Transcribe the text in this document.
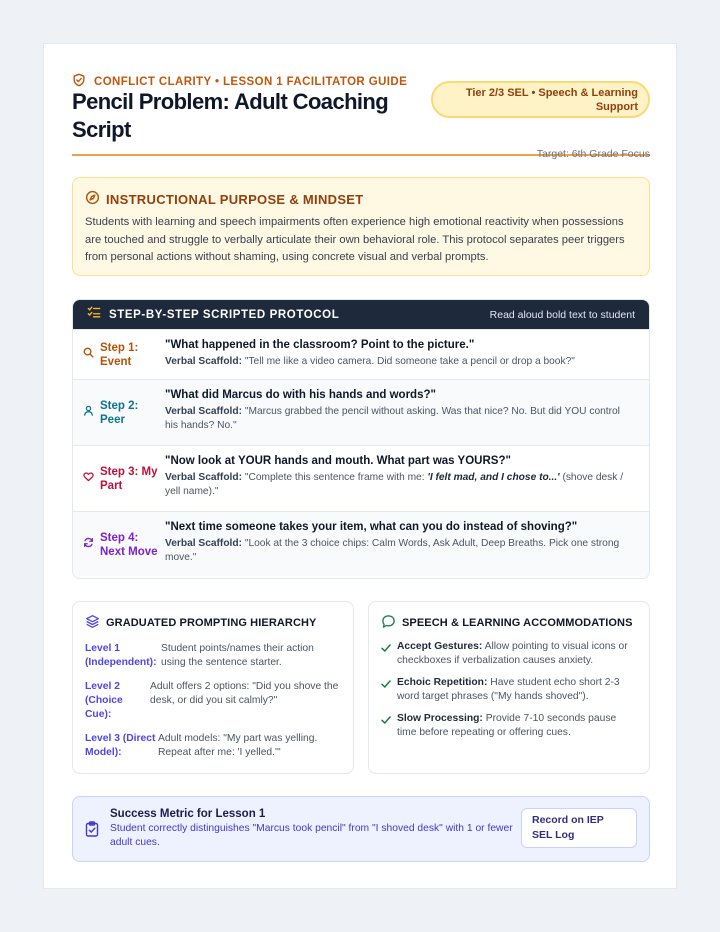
CONFLICT CLARITY • LESSON 1 FACILITATOR GUIDE
Pencil Problem: Adult Coaching Script
Tier 2/3 SEL • Speech & Learning Support
Target: 6th Grade Focus
INSTRUCTIONAL PURPOSE & MINDSET

Students with learning and speech impairments often experience high emotional reactivity when possessions are touched and struggle to verbally articulate their own behavioral role. This protocol separates peer triggers from personal actions without shaming, using concrete visual and verbal prompts.

STEP-BY-STEP SCRIPTED PROTOCOL	Read aloud bold text to student
Step 1: Event
"What happened in the classroom? Point to the picture."
Verbal Scaffold: "Tell me like a video camera. Did someone take a pencil or drop a book?"
Step 2: Peer
"What did Marcus do with his hands and words?"
Verbal Scaffold: "Marcus grabbed the pencil without asking. Was that nice? No. But did YOU control his hands? No."
Step 3: My Part
"Now look at YOUR hands and mouth. What part was YOURS?"
Verbal Scaffold: "Complete this sentence frame with me: 'I felt mad, and I chose to...' (shove desk / yell name)."
Step 4: Next Move
"Next time someone takes your item, what can you do instead of shoving?"
Verbal Scaffold: "Look at the 3 choice chips: Calm Words, Ask Adult, Deep Breaths. Pick one strong move."
GRADUATED PROMPTING HIERARCHY
Level 1 (Independent):
Student points/names their action using the sentence starter.
Level 2 (Choice Cue):
Adult offers 2 options: "Did you shove the desk, or did you sit calmly?"
Level 3 (Direct Model):
Adult models: "My part was yelling. Repeat after me: 'I yelled.'"
SPEECH & LEARNING ACCOMMODATIONS
Accept Gestures: Allow pointing to visual icons or checkboxes if verbalization causes anxiety.
Echoic Repetition: Have student echo short 2-3 word target phrases ("My hands shoved").
Slow Processing: Provide 7-10 seconds pause time before repeating or offering cues.
Success Metric for Lesson 1
Student correctly distinguishes "Marcus took pencil" from "I shoved desk" with 1 or fewer adult cues.
Record on IEP SEL Log
